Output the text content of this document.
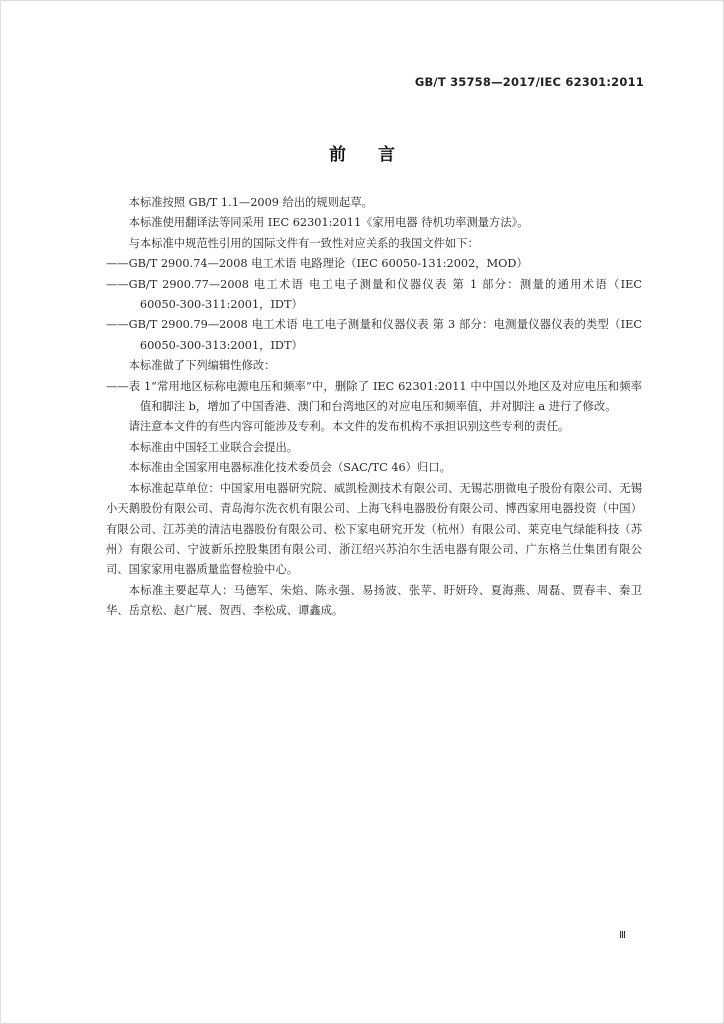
GB/T 35758—2017/IEC 62301:2011
前言

本标准按照 GB/T 1.1—2009 给出的规则起草。

本标准使用翻译法等同采用 IEC 62301:2011《家用电器 待机功率测量方法》。

与本标准中规范性引用的国际文件有一致性对应关系的我国文件如下：

——GB/T 2900.74—2008 电工术语 电路理论（IEC 60050-131:2002，MOD）

——GB/T 2900.77—2008 电工术语 电工电子测量和仪器仪表 第 1 部分：测量的通用术语（IEC 60050-300-311:2001，IDT）

——GB/T 2900.79—2008 电工术语 电工电子测量和仪器仪表 第 3 部分：电测量仪器仪表的类型（IEC 60050-300-313:2001，IDT）

本标准做了下列编辑性修改：

——表 1“常用地区标称电源电压和频率”中，删除了 IEC 62301:2011 中中国以外地区及对应电压和频率值和脚注 b，增加了中国香港、澳门和台湾地区的对应电压和频率值，并对脚注 a 进行了修改。

请注意本文件的有些内容可能涉及专利。本文件的发布机构不承担识别这些专利的责任。

本标准由中国轻工业联合会提出。

本标准由全国家用电器标准化技术委员会（SAC/TC 46）归口。

本标准起草单位：中国家用电器研究院、威凯检测技术有限公司、无锡芯朋微电子股份有限公司、无锡小天鹅股份有限公司、青岛海尔洗衣机有限公司、上海飞科电器股份有限公司、博西家用电器投资（中国）有限公司、江苏美的清洁电器股份有限公司、松下家电研究开发（杭州）有限公司、莱克电气绿能科技（苏州）有限公司、宁波新乐控股集团有限公司、浙江绍兴苏泊尔生活电器有限公司、广东格兰仕集团有限公司、国家家用电器质量监督检验中心。

本标准主要起草人：马德军、朱焰、陈永强、易扬波、张苹、盱妍玲、夏海燕、周磊、贾春丰、秦卫华、岳京松、赵广展、贺西、李松成、谭鑫成。

Ⅲ
